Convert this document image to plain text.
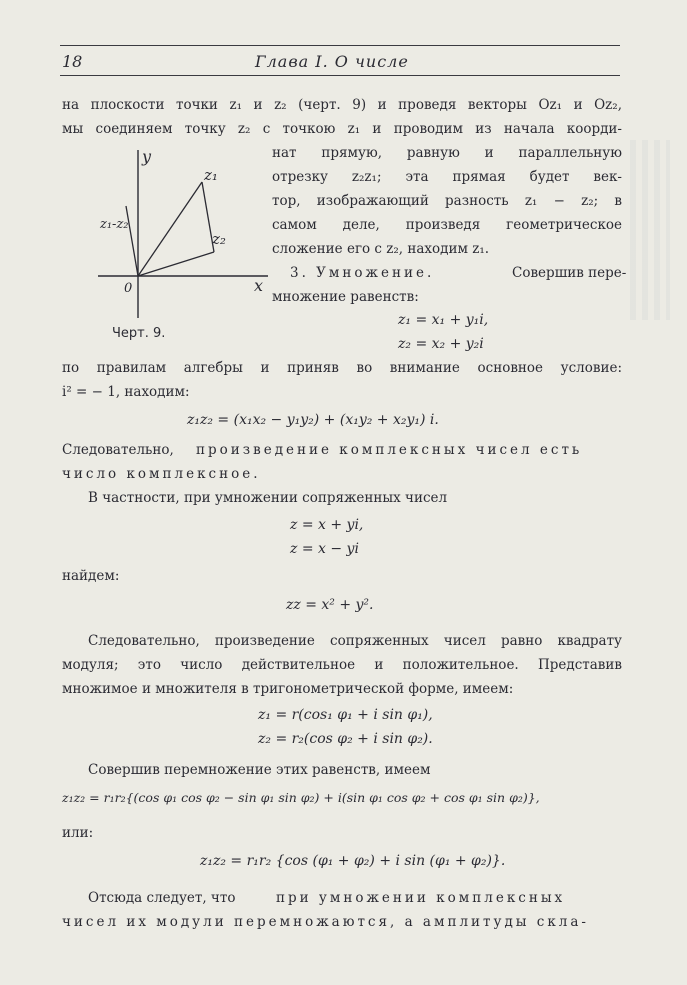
18	Глава I. О числе
на плоскости точки z₁ и z₂ (черт. 9) и проведя векторы Oz₁ и Oz₂,
мы соединяем точку z₂ с точкою z₁ и проводим из начала коорди-
y
x
0
z₁
z₂
z₁-z₂
нат прямую, равную и параллельную
отрезку z₂z₁; эта прямая будет век-
тор, изображающий разность z₁ − z₂; в
самом деле, произведя геометрическое
сложение его с z₂, находим z₁.
3. Умножение.	Совершив пере-
множение равенств:
z₁ = x₁ + y₁i,
Черт. 9.
z₂ = x₂ + y₂i
по правилам алгебры и приняв во внимание основное условие:
i² = − 1, находим:
z₁z₂ = (x₁x₂ − y₁y₂) + (x₁y₂ + x₂y₁) i.
Следовательно, произведение комплексных чисел есть
число комплексное.
В частности, при умножении сопряженных чисел
z = x + yi,
z = x − yi
найдем:
zz = x² + y².
Следовательно, произведение сопряженных чисел равно квадрату
модуля; это число действительное и положительное. Представив
множимое и множителя в тригонометрической форме, имеем:
z₁ = r(cos₁ φ₁ + i sin φ₁),
z₂ = r₂(cos φ₂ + i sin φ₂).
Совершив перемножение этих равенств, имеем
z₁z₂ = r₁r₂{(cos φ₁ cos φ₂ − sin φ₁ sin φ₂) + i(sin φ₁ cos φ₂ + cos φ₁ sin φ₂)},
или:
z₁z₂ = r₁r₂ {cos (φ₁ + φ₂) + i sin (φ₁ + φ₂)}.
Отсюда следует, что	при умножении комплексных
чисел их модули перемножаются, а амплитуды скла-
